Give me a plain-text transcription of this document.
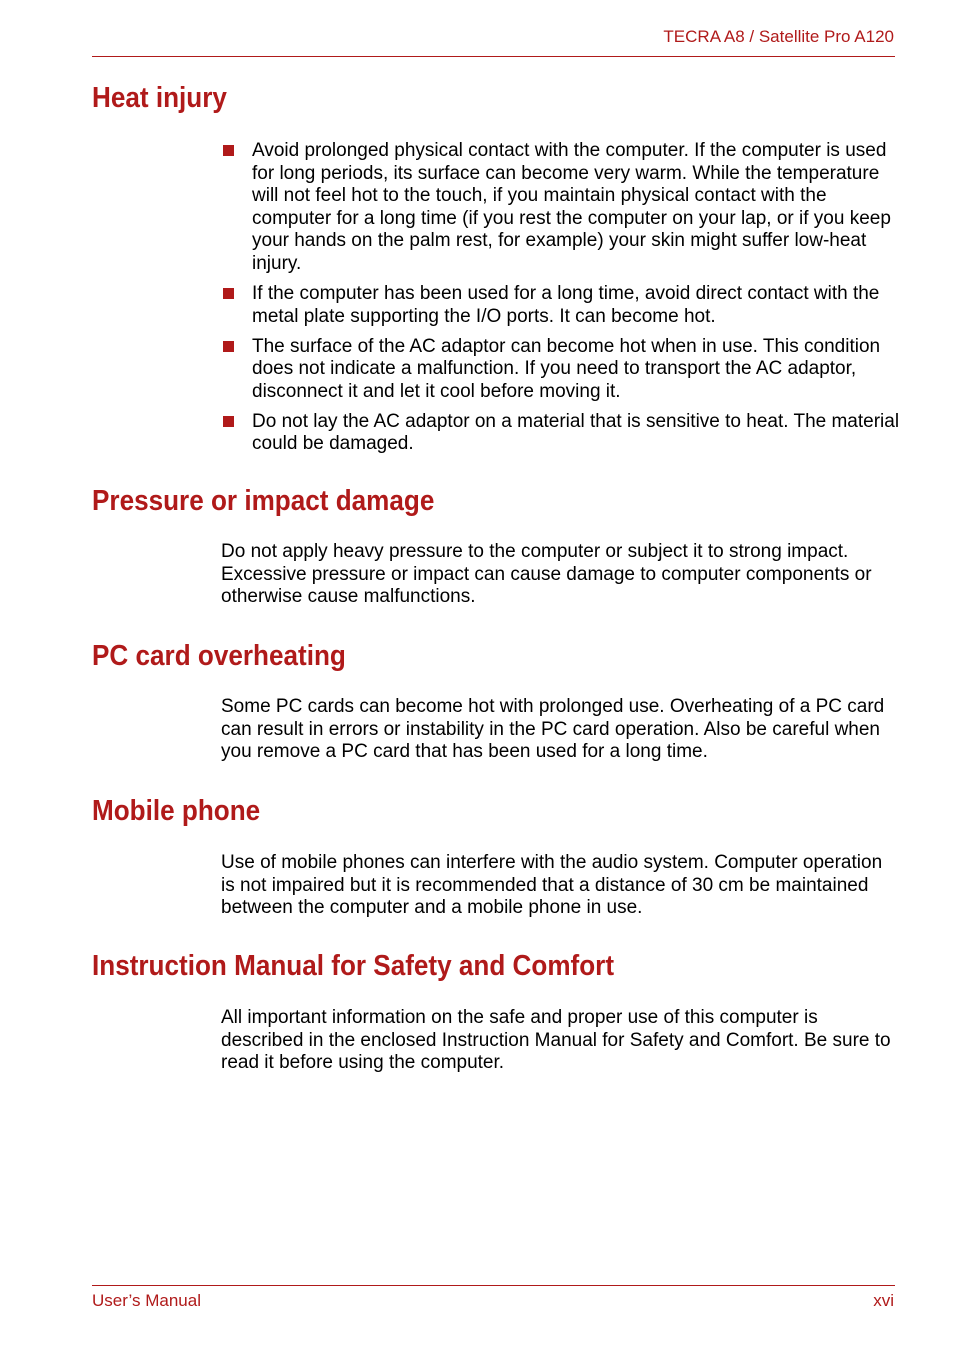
TECRA A8 / Satellite Pro A120
Heat injury
Avoid prolonged physical contact with the computer. If the computer is used for long periods, its surface can become very warm. While the temperature will not feel hot to the touch, if you maintain physical contact with the computer for a long time (if you rest the computer on your lap, or if you keep your hands on the palm rest, for example) your skin might suffer low-heat injury.
If the computer has been used for a long time, avoid direct contact with the metal plate supporting the I/O ports. It can become hot.
The surface of the AC adaptor can become hot when in use. This condition does not indicate a malfunction. If you need to transport the AC adaptor, disconnect it and let it cool before moving it.
Do not lay the AC adaptor on a material that is sensitive to heat. The material could be damaged.
Pressure or impact damage

Do not apply heavy pressure to the computer or subject it to strong impact. Excessive pressure or impact can cause damage to computer components or otherwise cause malfunctions.

PC card overheating

Some PC cards can become hot with prolonged use. Overheating of a PC card can result in errors or instability in the PC card operation. Also be careful when you remove a PC card that has been used for a long time.

Mobile phone

Use of mobile phones can interfere with the audio system. Computer operation is not impaired but it is recommended that a distance of 30 cm be maintained between the computer and a mobile phone in use.

Instruction Manual for Safety and Comfort

All important information on the safe and proper use of this computer is described in the enclosed Instruction Manual for Safety and Comfort. Be sure to read it before using the computer.

User’s Manual	xvi
